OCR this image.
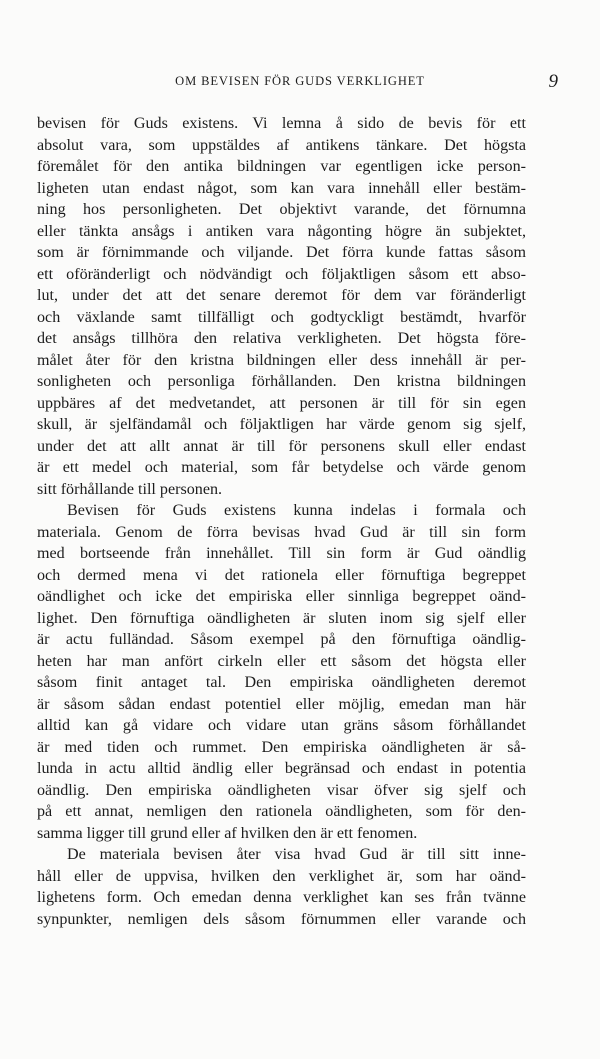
OM BEVISEN FÖR GUDS VERKLIGHET	9
bevisen för Guds existens. Vi lemna å sido de bevis för ett
absolut vara, som uppstäldes af antikens tänkare. Det högsta
föremålet för den antika bildningen var egentligen icke person-
ligheten utan endast något, som kan vara innehåll eller bestäm-
ning hos personligheten. Det objektivt varande, det förnumna
eller tänkta ansågs i antiken vara någonting högre än subjektet,
som är förnimmande och viljande. Det förra kunde fattas såsom
ett oföränderligt och nödvändigt och följaktligen såsom ett abso-
lut, under det att det senare deremot för dem var föränderligt
och växlande samt tillfälligt och godtyckligt bestämdt, hvarför
det ansågs tillhöra den relativa verkligheten. Det högsta före-
målet åter för den kristna bildningen eller dess innehåll är per-
sonligheten och personliga förhållanden. Den kristna bildningen
uppbäres af det medvetandet, att personen är till för sin egen
skull, är sjelfändamål och följaktligen har värde genom sig sjelf,
under det att allt annat är till för personens skull eller endast
är ett medel och material, som får betydelse och värde genom
sitt förhållande till personen.
Bevisen för Guds existens kunna indelas i formala och
materiala. Genom de förra bevisas hvad Gud är till sin form
med bortseende från innehållet. Till sin form är Gud oändlig
och dermed mena vi det rationela eller förnuftiga begreppet
oändlighet och icke det empiriska eller sinnliga begreppet oänd-
lighet. Den förnuftiga oändligheten är sluten inom sig sjelf eller
är actu fulländad. Såsom exempel på den förnuftiga oändlig-
heten har man anfört cirkeln eller ett såsom det högsta eller
såsom finit antaget tal. Den empiriska oändligheten deremot
är såsom sådan endast potentiel eller möjlig, emedan man här
alltid kan gå vidare och vidare utan gräns såsom förhållandet
är med tiden och rummet. Den empiriska oändligheten är så-
lunda in actu alltid ändlig eller begränsad och endast in potentia
oändlig. Den empiriska oändligheten visar öfver sig sjelf och
på ett annat, nemligen den rationela oändligheten, som för den-
samma ligger till grund eller af hvilken den är ett fenomen.
De materiala bevisen åter visa hvad Gud är till sitt inne-
håll eller de uppvisa, hvilken den verklighet är, som har oänd-
lighetens form. Och emedan denna verklighet kan ses från tvänne
synpunkter, nemligen dels såsom förnummen eller varande och
